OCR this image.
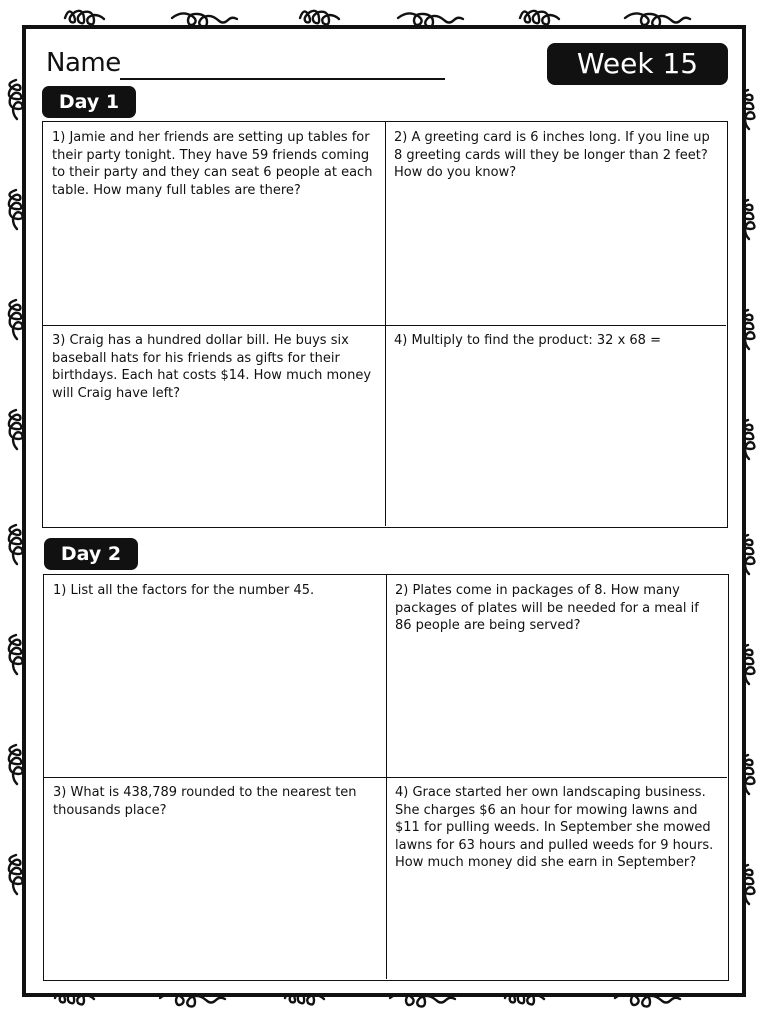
Name	Week 15
Day 1
1) Jamie and her friends are setting up tables for their party tonight. They have 59 friends coming to their party and they can seat 6 people at each table. How many full tables are there?
2) A greeting card is 6 inches long. If you line up 8 greeting cards will they be longer than 2 feet? How do you know?
3) Craig has a hundred dollar bill. He buys six baseball hats for his friends as gifts for their birthdays. Each hat costs $14. How much money will Craig have left?
4) Multiply to find the product: 32 x 68 =
Day 2
1) List all the factors for the number 45.	2) Plates come in packages of 8. How many packages of plates will be needed for a meal if 86 people are being served?
3) What is 438,789 rounded to the nearest ten thousands place?
4) Grace started her own landscaping business. She charges $6 an hour for mowing lawns and $11 for pulling weeds. In September she mowed lawns for 63 hours and pulled weeds for 9 hours. How much money did she earn in September?
